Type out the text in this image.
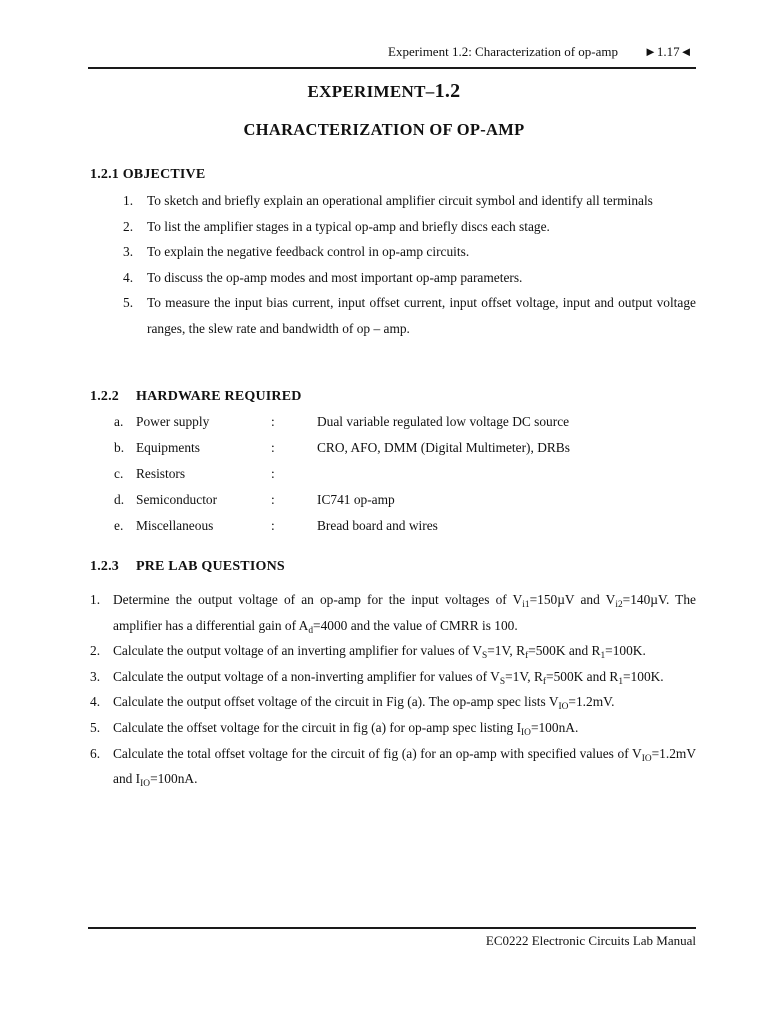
Experiment 1.2: Characterization of op-amp ►1.17◄
EXPERIMENT–1.2
CHARACTERIZATION OF OP-AMP
1.2.1 OBJECTIVE
1. To sketch and briefly explain an operational amplifier circuit symbol and identify all terminals
2. To list the amplifier stages in a typical op-amp and briefly discs each stage.
3. To explain the negative feedback control in op-amp circuits.
4. To discuss the op-amp modes and most important op-amp parameters.
5. To measure the input bias current, input offset current, input offset voltage, input and output voltage ranges, the slew rate and bandwidth of op – amp.
1.2.2 HARDWARE REQUIRED
a. Power supply	:	Dual variable regulated low voltage DC source
b. Equipments	:	CRO, AFO, DMM (Digital Multimeter), DRBs
c. Resistors	:
d. Semiconductor	:	IC741 op-amp
e. Miscellaneous	:	Bread board and wires
1.2.3 PRE LAB QUESTIONS
1. Determine the output voltage of an op-amp for the input voltages of $V_{i1}=150\mu V$ and $V_{i2}=140\mu V$. The amplifier has a differential gain of $A_d=4000$ and the value of CMRR is 100.
2. Calculate the output voltage of an inverting amplifier for values of $V_S=1V$, $R_f=500K$ and $R_1=100K$.
3. Calculate the output voltage of a non-inverting amplifier for values of $V_S=1V$, $R_f=500K$ and $R_1=100K$.
4. Calculate the output offset voltage of the circuit in Fig (a). The op-amp spec lists $V_{IO}=1.2mV$.
5. Calculate the offset voltage for the circuit in fig (a) for op-amp spec listing $I_{IO}=100nA$.
6. Calculate the total offset voltage for the circuit of fig (a) for an op-amp with specified values of $V_{IO}=1.2mV$ and $I_{IO}=100nA$.
EC0222 Electronic Circuits Lab Manual
